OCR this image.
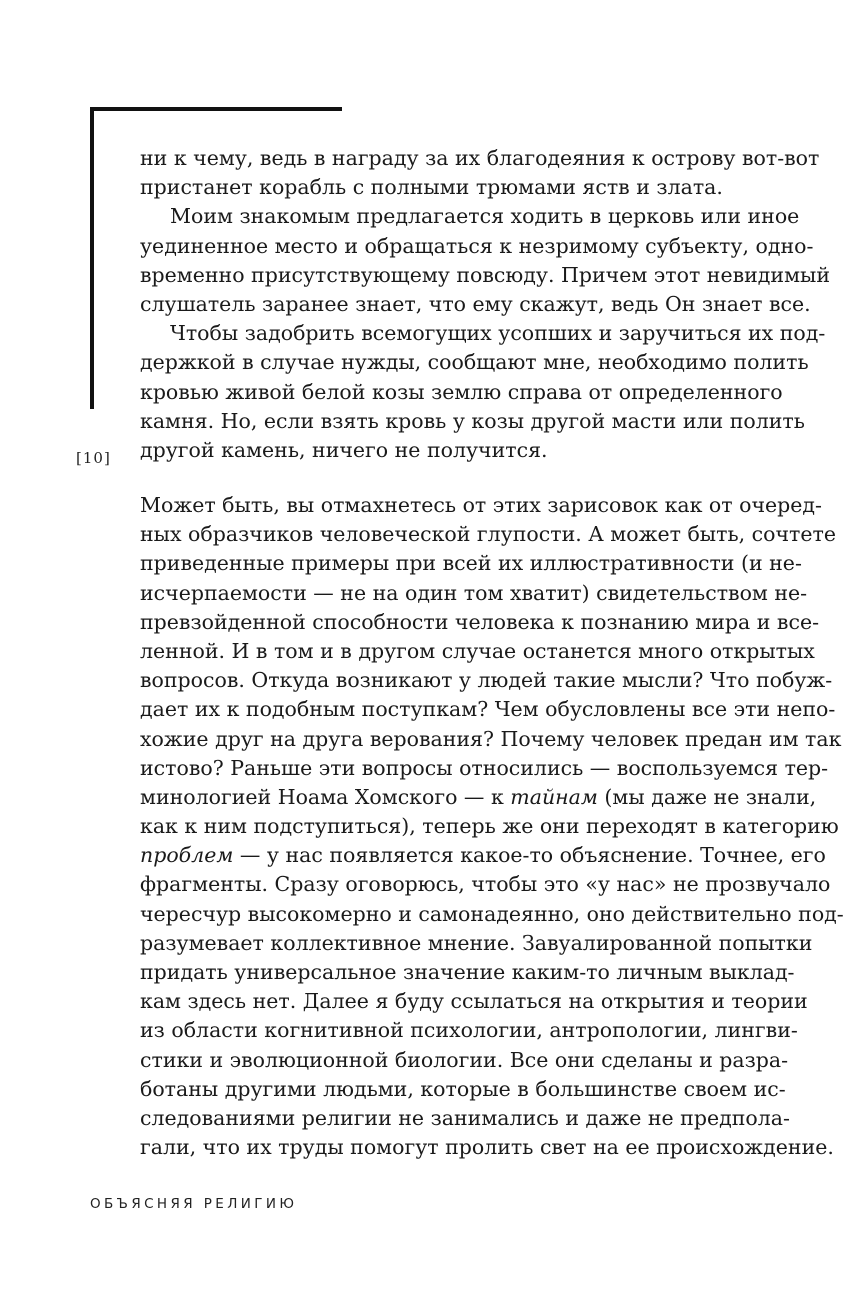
[10]
ни к чему, ведь в награду за их благодеяния к острову вот-вот
пристанет корабль с полными трюмами яств и злата.
Моим знакомым предлагается ходить в церковь или иное
уединенное место и обращаться к незримому субъекту, одно-
временно присутствующему повсюду. Причем этот невидимый
слушатель заранее знает, что ему скажут, ведь Он знает все.
Чтобы задобрить всемогущих усопших и заручиться их под-
держкой в случае нужды, сообщают мне, необходимо полить
кровью живой белой козы землю справа от определенного
камня. Но, если взять кровь у козы другой масти или полить
другой камень, ничего не получится.
Может быть, вы отмахнетесь от этих зарисовок как от очеред-
ных образчиков человеческой глупости. А может быть, сочтете
приведенные примеры при всей их иллюстративности (и не-
исчерпаемости — не на один том хватит) свидетельством не-
превзойденной способности человека к познанию мира и все-
ленной. И в том и в другом случае останется много открытых
вопросов. Откуда возникают у людей такие мысли? Что побуж-
дает их к подобным поступкам? Чем обусловлены все эти непо-
хожие друг на друга верования? Почему человек предан им так
истово? Раньше эти вопросы относились — воспользуемся тер-
минологией Ноама Хомского — к тайнам (мы даже не знали,
как к ним подступиться), теперь же они переходят в категорию
проблем — у нас появляется какое-то объяснение. Точнее, его
фрагменты. Сразу оговорюсь, чтобы это «у нас» не прозвучало
чересчур высокомерно и самонадеянно, оно действительно под-
разумевает коллективное мнение. Завуалированной попытки
придать универсальное значение каким-то личным выклад-
кам здесь нет. Далее я буду ссылаться на открытия и теории
из области когнитивной психологии, антропологии, лингви-
стики и эволюционной биологии. Все они сделаны и разра-
ботаны другими людьми, которые в большинстве своем ис-
следованиями религии не занимались и даже не предпола-
гали, что их труды помогут пролить свет на ее происхождение.
ОБЪЯСНЯЯ РЕЛИГИЮ
